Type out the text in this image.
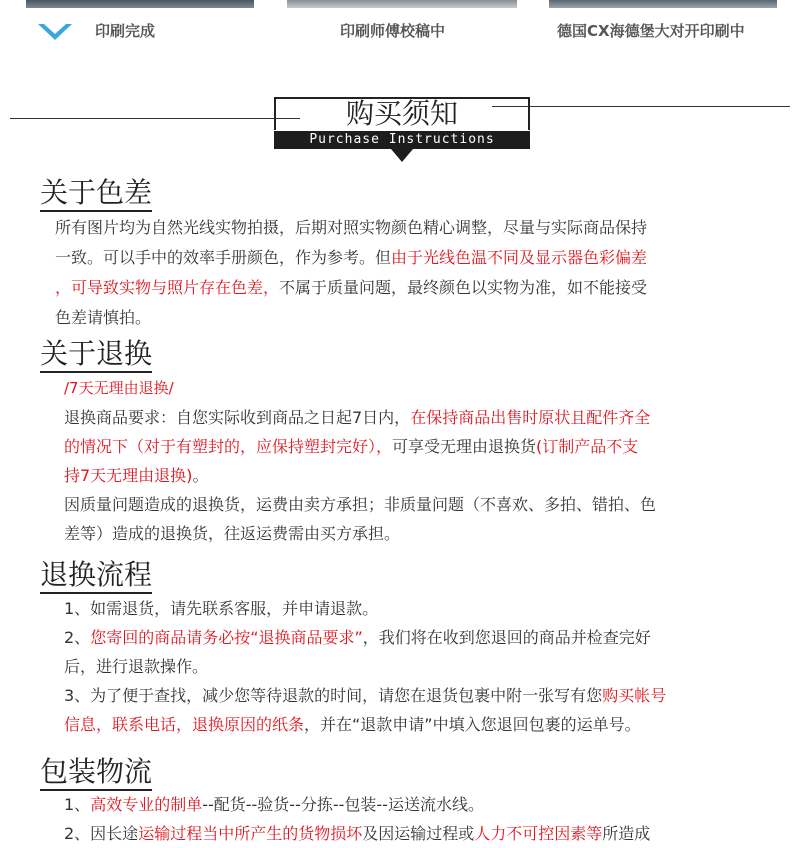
印刷完成	印刷师傅校稿中	德国CX海德堡大对开印刷中
购买须知
Purchase Instructions
关于色差
所有图片均为自然光线实物拍摄，后期对照实物颜色精心调整，尽量与实际商品保持
一致。可以手中的效率手册颜色，作为参考。但由于光线色温不同及显示器色彩偏差
，可导致实物与照片存在色差，不属于质量问题，最终颜色以实物为准，如不能接受
色差请慎拍。
关于退换
/7天无理由退换/
退换商品要求：自您实际收到商品之日起7日内，在保持商品出售时原状且配件齐全
的情况下（对于有塑封的，应保持塑封完好），可享受无理由退换货(订制产品不支
持7天无理由退换)。
因质量问题造成的退换货，运费由卖方承担；非质量问题（不喜欢、多拍、错拍、色
差等）造成的退换货，往返运费需由买方承担。
退换流程
1、如需退货，请先联系客服，并申请退款。
2、您寄回的商品请务必按“退换商品要求”，我们将在收到您退回的商品并检查完好
后，进行退款操作。
3、为了便于查找，减少您等待退款的时间，请您在退货包裹中附一张写有您购买帐号
信息，联系电话，退换原因的纸条，并在“退款申请”中填入您退回包裹的运单号。
包装物流
1、高效专业的制单--配货--验货--分拣--包装--运送流水线。
2、因长途运输过程当中所产生的货物损坏及因运输过程或人力不可控因素等所造成
